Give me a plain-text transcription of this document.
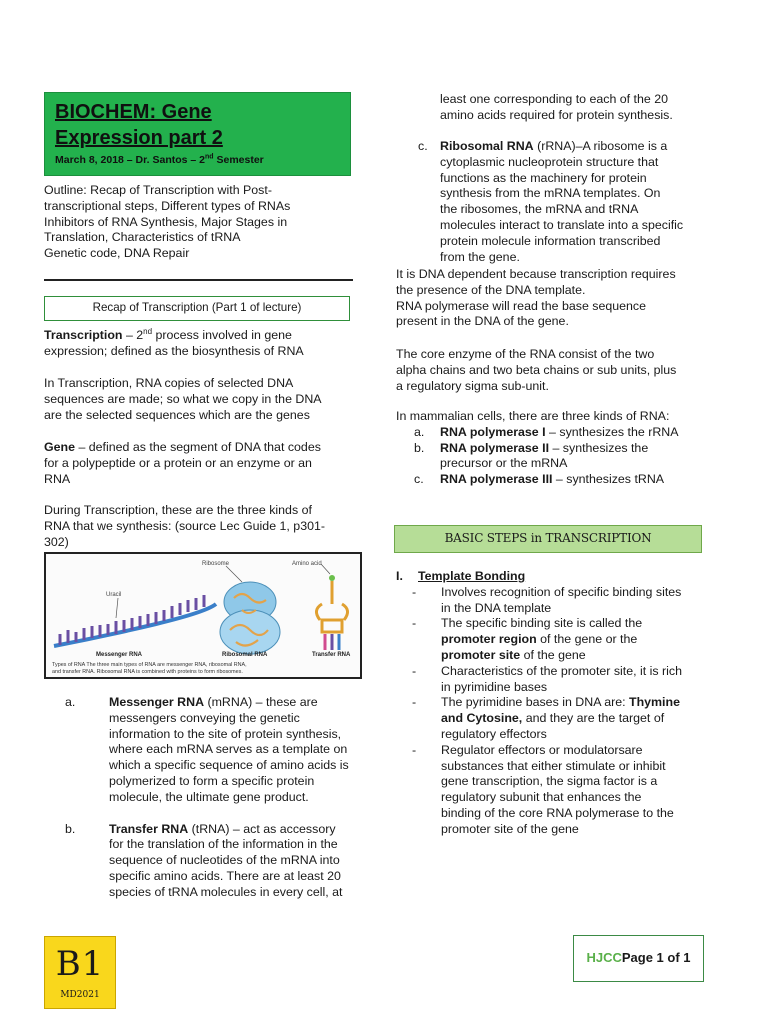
BIOCHEM: Gene
Expression part 2
March 8, 2018 – Dr. Santos – 2nd Semester
Outline: Recap of Transcription with Post-
transcriptional steps, Different types of RNAs
Inhibitors of RNA Synthesis, Major Stages in
Translation, Characteristics of tRNA
Genetic code, DNA Repair
Recap of Transcription (Part 1 of lecture)
Transcription – 2nd process involved in gene
expression; defined as the biosynthesis of RNA
In Transcription, RNA copies of selected DNA
sequences are made; so what we copy in the DNA
are the selected sequences which are the genes
Gene – defined as the segment of DNA that codes
for a polypeptide or a protein or an enzyme or an
RNA
During Transcription, these are the three kinds of
RNA that we synthesis: (source Lec Guide 1, p301-
302)
Uracil
Ribosome	Amino acid
Messenger RNA	Ribosomal RNA	Transfer RNA
Types of RNA The three main types of RNA are messenger RNA, ribosomal RNA,
and transfer RNA. Ribosomal RNA is combined with proteins to form ribosomes.
a.	Messenger RNA (mRNA) – these are
messengers conveying the genetic
information to the site of protein synthesis,
where each mRNA serves as a template on
which a specific sequence of amino acids is
polymerized to form a specific protein
molecule, the ultimate gene product.
b.	Transfer RNA (tRNA) – act as accessory
for the translation of the information in the
sequence of nucleotides of the mRNA into
specific amino acids. There are at least 20
species of tRNA molecules in every cell, at
least one corresponding to each of the 20
amino acids required for protein synthesis.
c. Ribosomal RNA (rRNA)–A ribosome is a
cytoplasmic nucleoprotein structure that
functions as the machinery for protein
synthesis from the mRNA templates. On
the ribosomes, the mRNA and tRNA
molecules interact to translate into a specific
protein molecule information transcribed
from the gene.
It is DNA dependent because transcription requires
the presence of the DNA template.
RNA polymerase will read the base sequence
present in the DNA of the gene.
The core enzyme of the RNA consist of the two
alpha chains and two beta chains or sub units, plus
a regulatory sigma sub-unit.
In mammalian cells, there are three kinds of RNA:
a.	RNA polymerase I – synthesizes the rRNA
b.	RNA polymerase II – synthesizes the
precursor or the mRNA
c.	RNA polymerase III – synthesizes tRNA
BASIC STEPS in TRANSCRIPTION
I. Template Bonding
- Involves recognition of specific binding sites
in the DNA template
- The specific binding site is called the
promoter region of the gene or the
promoter site of the gene
- Characteristics of the promoter site, it is rich
in pyrimidine bases
- The pyrimidine bases in DNA are: Thymine
and Cytosine, and they are the target of
regulatory effectors
- Regulator effectors or modulatorsare
substances that either stimulate or inhibit
gene transcription, the sigma factor is a
regulatory subunit that enhances the
binding of the core RNA polymerase to the
promoter site of the gene
B1
MD2021
HJCCPage 1 of 1
